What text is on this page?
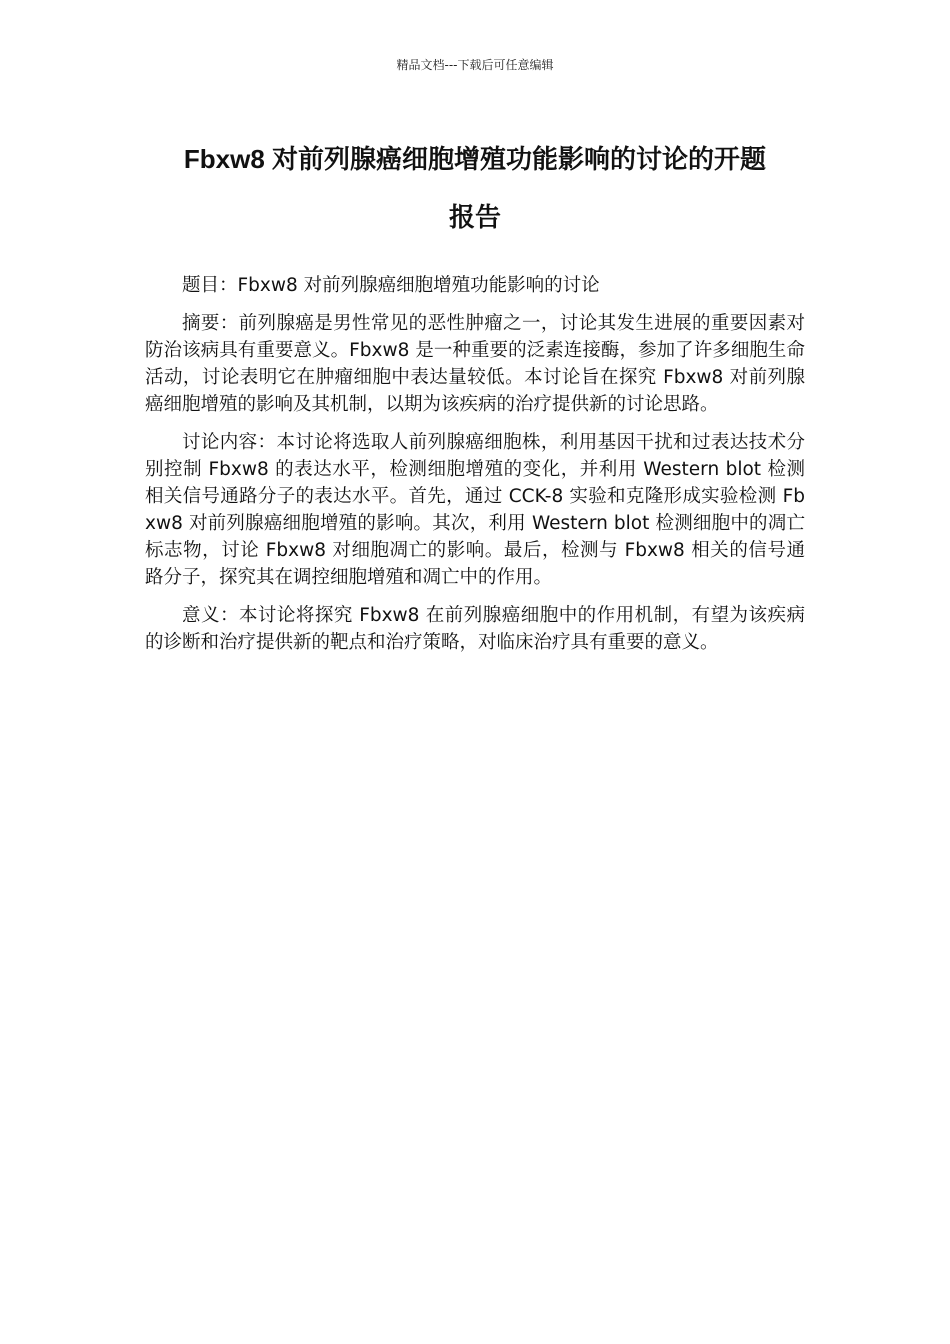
精品文档---下载后可任意编辑
Fbxw8 对前列腺癌细胞增殖功能影响的讨论的开题
报告

题目：Fbxw8 对前列腺癌细胞增殖功能影响的讨论

摘要：前列腺癌是男性常见的恶性肿瘤之一，讨论其发生进展的重要因素对防治该病具有重要意义。Fbxw8 是一种重要的泛素连接酶，参加了许多细胞生命活动，讨论表明它在肿瘤细胞中表达量较低。本讨论旨在探究 Fbxw8 对前列腺癌细胞增殖的影响及其机制，以期为该疾病的治疗提供新的讨论思路。

讨论内容：本讨论将选取人前列腺癌细胞株，利用基因干扰和过表达技术分别控制 Fbxw8 的表达水平，检测细胞增殖的变化，并利用 Western blot 检测相关信号通路分子的表达水平。首先，通过 CCK-8 实验和克隆形成实验检测 Fbxw8 对前列腺癌细胞增殖的影响。其次，利用 Western blot 检测细胞中的凋亡标志物，讨论 Fbxw8 对细胞凋亡的影响。最后，检测与 Fbxw8 相关的信号通路分子，探究其在调控细胞增殖和凋亡中的作用。

意义：本讨论将探究 Fbxw8 在前列腺癌细胞中的作用机制，有望为该疾病的诊断和治疗提供新的靶点和治疗策略，对临床治疗具有重要的意义。
